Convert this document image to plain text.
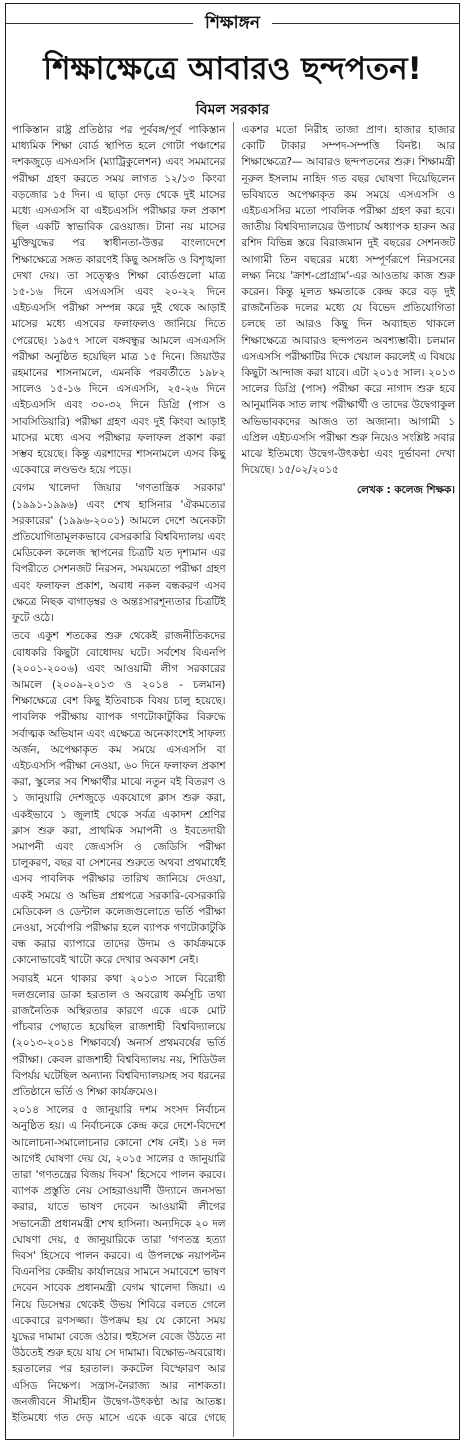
শিক্ষাঙ্গন
শিক্ষাক্ষেত্রে আবারও ছন্দপতন!
বিমল সরকার

পাকিস্তান রাষ্ট্র প্রতিষ্ঠার পর পূর্ববঙ্গ/পূর্ব পাকিস্তান মাধ্যমিক শিক্ষা বোর্ড স্থাপিত হলে গোটা পঞ্চাশের দশকজুড়ে এসএসসি (ম্যাট্রিকুলেশন) এবং সমমানের পরীক্ষা গ্রহণ করতে সময় লাগত ১২/১৩ কিংবা বড়জোর ১৫ দিন। এ ছাড়া দেড় থেকে দুই মাসের মধ্যে এসএসসি বা এইচএসসি পরীক্ষার ফল প্রকাশ ছিল একটি স্বাভাবিক রেওয়াজ। টানা নয় মাসের মুক্তিযুদ্ধের পর স্বাধীনতা-উত্তর বাংলাদেশে শিক্ষাক্ষেত্রে সঙ্গত কারণেই কিছু অসঙ্গতি ও বিশৃঙ্খলা দেখা দেয়। তা সত্ত্বেও শিক্ষা বোর্ডগুলো মাত্র ১৫-১৬ দিনে এসএসসি এবং ২০-২২ দিনে এইচএসসি পরীক্ষা সম্পন্ন করে দুই থেকে আড়াই মাসের মধ্যে এসবের ফলাফলও জানিয়ে দিতে পেরেছে। ১৯৫৭ সালে বঙ্গবন্ধুর আমলে এসএসসি পরীক্ষা অনুষ্ঠিত হয়েছিল মাত্র ১৫ দিনে। জিয়াউর রহমানের শাসনামলে, এমনকি পরবর্তীতে ১৯৮২ সালেও ১৫-১৬ দিনে এসএসসি, ২৫-২৬ দিনে এইচএসসি এবং ৩০-৩২ দিনে ডিগ্রি (পাস ও সাবসিডিয়ারি) পরীক্ষা গ্রহণ এবং দুই কিংবা আড়াই মাসের মধ্যে এসব পরীক্ষার ফলাফল প্রকাশ করা সম্ভব হয়েছে। কিন্তু এরশাদের শাসনামলে এসব কিছু একেবারে লণ্ডভণ্ড হয়ে পড়ে।

বেগম খালেদা জিয়ার 'গণতান্ত্রিক সরকার' (১৯৯১-১৯৯৬) এবং শেখ হাসিনার 'ঐকমত্যের সরকারের' (১৯৯৬-২০০১) আমলে দেশে অনেকটা প্রতিযোগিতামূলকভাবে বেসরকারি বিশ্ববিদ্যালয় এবং মেডিকেল কলেজ স্থাপনের চিত্রটি যত দৃশ্যমান এর বিপরীতে সেশনজট নিরসন, সময়মতো পরীক্ষা গ্রহণ এবং ফলাফল প্রকাশ, অবাধ নকল বন্ধকরণ এসব ক্ষেত্রে নিছক বাগাড়ম্বর ও অন্তঃসারশূন্যতার চিত্রটিই ফুটে ওঠে।

তবে একুশ শতকের শুরু থেকেই রাজনীতিকদের বোধকরি কিছুটা বোধোদয় ঘটে। সর্বশেষ বিএনপি (২০০১-২০০৬) এবং আওয়ামী লীগ সরকারের আমলে (২০০৯-২০১৩ ও ২০১৪ - চলমান) শিক্ষাক্ষেত্রে বেশ কিছু ইতিবাচক বিষয় চালু হয়েছে। পাবলিক পরীক্ষায় ব্যাপক গণটোকাটুকির বিরুদ্ধে সর্বাত্মক অভিযান এবং এক্ষেত্রে অনেকাংশেই সাফল্য অর্জন, অপেক্ষাকৃত কম সময়ে এসএসসি বা এইচএসসি পরীক্ষা নেওয়া, ৬০ দিনে ফলাফল প্রকাশ করা, স্কুলের সব শিক্ষার্থীর মাঝে নতুন বই বিতরণ ও ১ জানুয়ারি দেশজুড়ে একযোগে ক্লাস শুরু করা, একইভাবে ১ জুলাই থেকে সর্বত্র একাদশ শ্রেণির ক্লাস শুরু করা, প্রাথমিক সমাপনী ও ইবতেদায়ী সমাপনী এবং জেএসসি ও জেডিসি পরীক্ষা চালুকরণ, বছর বা সেশনের শুরুতে অথবা প্রথমার্ধেই এসব পাবলিক পরীক্ষার তারিখ জানিয়ে দেওয়া, একই সময়ে ও অভিন্ন প্রশ্নপত্রে সরকারি-বেসরকারি মেডিকেল ও ডেন্টাল কলেজগুলোতে ভর্তি পরীক্ষা নেওয়া, সর্বোপরি পরীক্ষার হলে ব্যাপক গণটোকাটুকি বন্ধ করার ব্যাপারে তাদের উদ্যম ও কার্যক্রমকে কোনোভাবেই খাটো করে দেখার অবকাশ নেই।

সবারই মনে থাকার কথা ২০১৩ সালে বিরোধী দলগুলোর ডাকা হরতাল ও অবরোধ কর্মসূচি তথা রাজনৈতিক অস্থিরতার কারণে একে একে মোট পাঁচবার পেছাতে হয়েছিল রাজশাহী বিশ্ববিদ্যালয়ে (২০১৩-২০১৪ শিক্ষাবর্ষে) অনার্স প্রথমবর্ষের ভর্তি পরীক্ষা। কেবল রাজশাহী বিশ্ববিদ্যালয় নয়, শিডিউল বিপর্যয় ঘটেছিল অন্যান্য বিশ্ববিদ্যালয়সহ সব ধরনের প্রতিষ্ঠানে ভর্তি ও শিক্ষা কার্যক্রমেও।

২০১৪ সালের ৫ জানুয়ারি দশম সংসদ নির্বাচন অনুষ্ঠিত হয়। এ নির্বাচনকে কেন্দ্র করে দেশে-বিদেশে আলোচনা-সমালোচনার কোনো শেষ নেই। ১৪ দল আগেই ঘোষণা দেয় যে, ২০১৫ সালের ৫ জানুয়ারি তারা 'গণতন্ত্রের বিজয় দিবস' হিসেবে পালন করবে। ব্যাপক প্রস্তুতি নেয় সোহরাওয়ার্দী উদ্যানে জনসভা করার, যাতে ভাষণ দেবেন আওয়ামী লীগের সভানেত্রী প্রধানমন্ত্রী শেখ হাসিনা। অন্যদিকে ২০ দল ঘোষণা দেয়, ৫ জানুয়ারিকে তারা 'গণতন্ত্র হত্যা দিবস' হিসেবে পালন করবে। এ উপলক্ষে নয়াপল্টন বিএনপির কেন্দ্রীয় কার্যালয়ের সামনে সমাবেশে ভাষণ দেবেন সাবেক প্রধানমন্ত্রী বেগম খালেদা জিয়া। এ নিয়ে ডিসেম্বর থেকেই উভয় শিবিরে বলতে গেলে একেবারে রণসজ্জা। উপক্রম হয় যে কোনো সময় যুদ্ধের দামামা বেজে ওঠার। হুইসেল বেজে উঠতে না উঠতেই শুরু হয়ে যায় সে দামামা। বিক্ষোভ-অবরোধ। হরতালের পর হরতাল। ককটেল বিস্ফোরণ আর এসিড নিক্ষেপ। সন্ত্রাস-নৈরাজ্য আর নাশকতা। জনজীবনে সীমাহীন উদ্বেগ-উৎকণ্ঠা আর আতঙ্ক। ইতিমধ্যে গত দেড় মাসে একে একে ঝরে গেছে একশর মতো নিরীহ তাজা প্রাণ। হাজার হাজার কোটি টাকার সম্পদ-সম্পত্তি বিনষ্ট। আর শিক্ষাক্ষেত্রে?— আবারও ছন্দপতনের শুরু। শিক্ষামন্ত্রী নূরুল ইসলাম নাহিদ গত বছর ঘোষণা দিয়েছিলেন ভবিষ্যতে অপেক্ষাকৃত কম সময়ে এসএসসি ও এইচএসসির মতো পাবলিক পরীক্ষা গ্রহণ করা হবে। জাতীয় বিশ্ববিদ্যালয়ের উপাচার্য অধ্যাপক হারুন অর রশিদ বিভিন্ন স্তরে বিরাজমান দুই বছরের সেশনজট আগামী তিন বছরের মধ্যে সম্পূর্ণরূপে নিরসনের লক্ষ্য নিয়ে 'ক্রাশ-প্রোগ্রাম'-এর আওতায় কাজ শুরু করেন। কিন্তু মূলত ক্ষমতাকে কেন্দ্র করে বড় দুই রাজনৈতিক দলের মধ্যে যে বিভেদ প্রতিযোগিতা চলছে তা আরও কিছু দিন অব্যাহত থাকলে শিক্ষাক্ষেত্রে আবারও ছন্দপতন অবশ্যম্ভাবী। চলমান এসএসসি পরীক্ষাটির দিকে খেয়াল করলেই এ বিষয়ে কিছুটা আন্দাজ করা যাবে। এটা ২০১৫ সাল। ২০১৩ সালের ডিগ্রি (পাস) পরীক্ষা করে নাগাদ শুরু হবে আনুমানিক সাত লাখ পরীক্ষার্থী ও তাদের উদ্বেগাকুল অভিভাবকদের আজও তা অজানা। আগামী ১ এপ্রিল এইচএসসি পরীক্ষা শুরু নিয়েও সংশ্লিষ্ট সবার মাঝে ইতিমধ্যে উদ্বেগ-উৎকণ্ঠা এবং দুর্ভাবনা দেখা দিয়েছে। ১৫/০২/২০১৫

লেখক : কলেজ শিক্ষক।
